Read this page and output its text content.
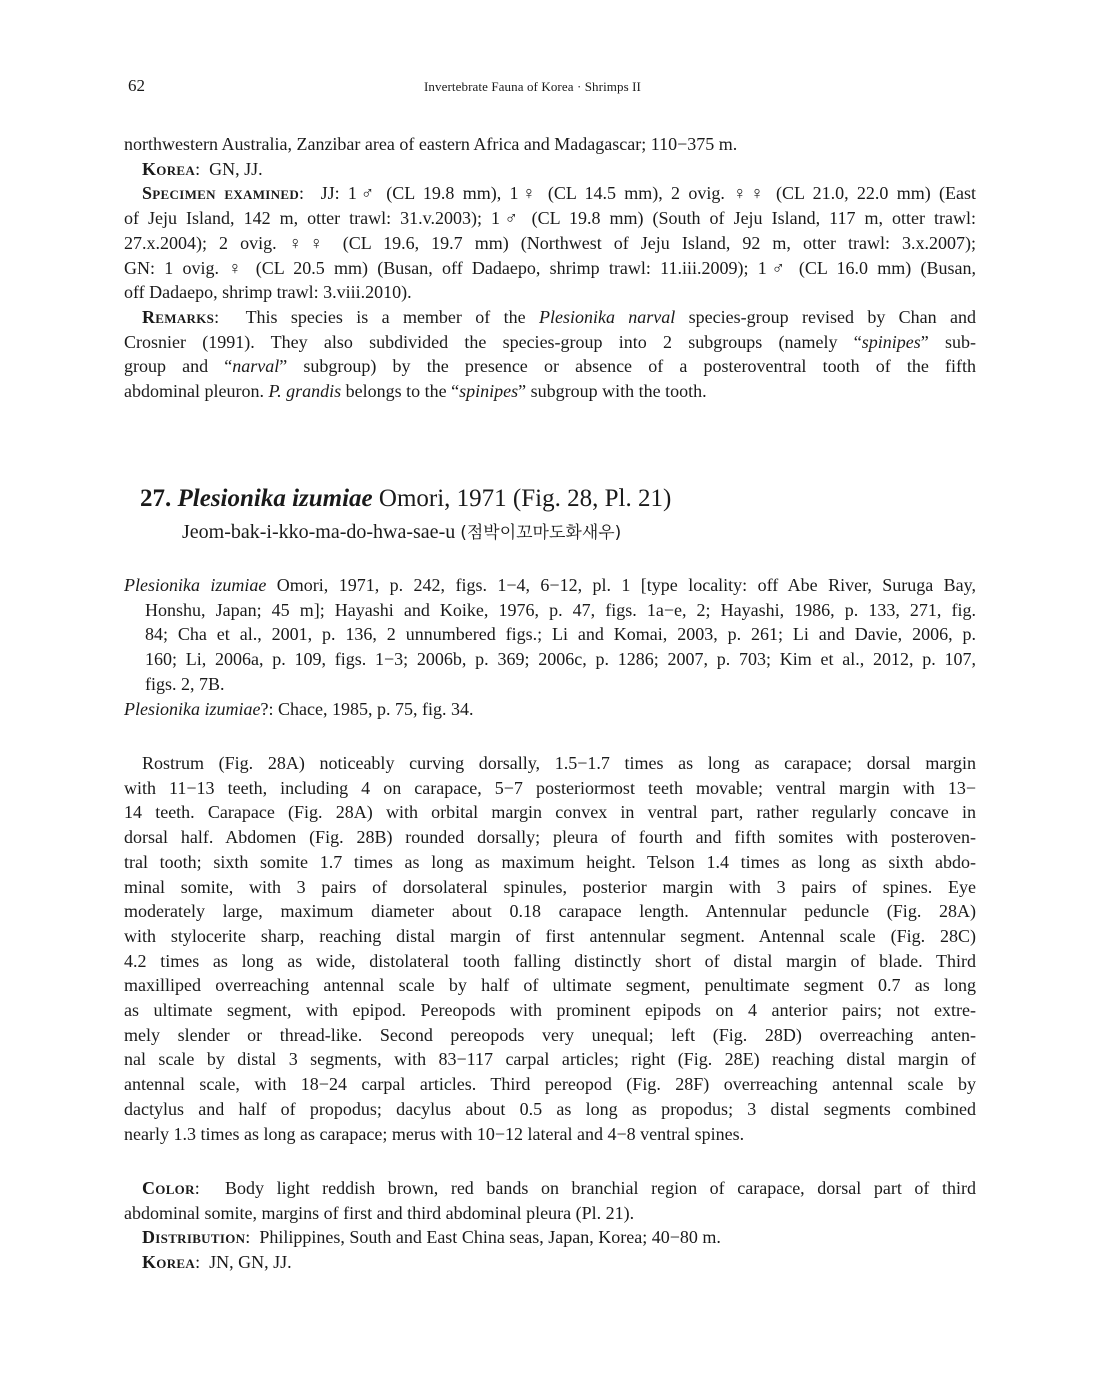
62	Invertebrate Fauna of Korea · Shrimps II
northwestern Australia, Zanzibar area of eastern Africa and Madagascar; 110−375 m.
Korea:  GN, JJ.
Specimen examined:  JJ: 1♂ (CL 19.8 mm), 1♀ (CL 14.5 mm), 2 ovig. ♀♀ (CL 21.0, 22.0 mm) (East
of Jeju Island, 142 m, otter trawl: 31.v.2003); 1♂ (CL 19.8 mm) (South of Jeju Island, 117 m, otter trawl:
27.x.2004); 2 ovig. ♀♀ (CL 19.6, 19.7 mm) (Northwest of Jeju Island, 92 m, otter trawl: 3.x.2007);
GN: 1 ovig. ♀ (CL 20.5 mm) (Busan, off Dadaepo, shrimp trawl: 11.iii.2009); 1♂ (CL 16.0 mm) (Busan,
off Dadaepo, shrimp trawl: 3.viii.2010).
Remarks:  This species is a member of the Plesionika narval species-group revised by Chan and
Crosnier (1991). They also subdivided the species-group into 2 subgroups (namely “spinipes” sub-
group and “narval” subgroup) by the presence or absence of a posteroventral tooth of the fifth
abdominal pleuron. P. grandis belongs to the “spinipes” subgroup with the tooth.
27. Plesionika izumiae Omori, 1971 (Fig. 28, Pl. 21)
Jeom-bak-i-kko-ma-do-hwa-sae-u (점박이꼬마도화새우)
Plesionika izumiae Omori, 1971, p. 242, figs. 1−4, 6−12, pl. 1 [type locality: off Abe River, Suruga Bay,
Honshu, Japan; 45 m]; Hayashi and Koike, 1976, p. 47, figs. 1a−e, 2; Hayashi, 1986, p. 133, 271, fig.
84; Cha et al., 2001, p. 136, 2 unnumbered figs.; Li and Komai, 2003, p. 261; Li and Davie, 2006, p.
160; Li, 2006a, p. 109, figs. 1−3; 2006b, p. 369; 2006c, p. 1286; 2007, p. 703; Kim et al., 2012, p. 107,
figs. 2, 7B.
Plesionika izumiae?: Chace, 1985, p. 75, fig. 34.
Rostrum (Fig. 28A) noticeably curving dorsally, 1.5−1.7 times as long as carapace; dorsal margin
with 11−13 teeth, including 4 on carapace, 5−7 posteriormost teeth movable; ventral margin with 13−
14 teeth. Carapace (Fig. 28A) with orbital margin convex in ventral part, rather regularly concave in
dorsal half. Abdomen (Fig. 28B) rounded dorsally; pleura of fourth and fifth somites with posteroven-
tral tooth; sixth somite 1.7 times as long as maximum height. Telson 1.4 times as long as sixth abdo-
minal somite, with 3 pairs of dorsolateral spinules, posterior margin with 3 pairs of spines. Eye
moderately large, maximum diameter about 0.18 carapace length. Antennular peduncle (Fig. 28A)
with stylocerite sharp, reaching distal margin of first antennular segment. Antennal scale (Fig. 28C)
4.2 times as long as wide, distolateral tooth falling distinctly short of distal margin of blade. Third
maxilliped overreaching antennal scale by half of ultimate segment, penultimate segment 0.7 as long
as ultimate segment, with epipod. Pereopods with prominent epipods on 4 anterior pairs; not extre-
mely slender or thread-like. Second pereopods very unequal; left (Fig. 28D) overreaching anten-
nal scale by distal 3 segments, with 83−117 carpal articles; right (Fig. 28E) reaching distal margin of
antennal scale, with 18−24 carpal articles. Third pereopod (Fig. 28F) overreaching antennal scale by
dactylus and half of propodus; dacylus about 0.5 as long as propodus; 3 distal segments combined
nearly 1.3 times as long as carapace; merus with 10−12 lateral and 4−8 ventral spines.
Color:  Body light reddish brown, red bands on branchial region of carapace, dorsal part of third
abdominal somite, margins of first and third abdominal pleura (Pl. 21).
Distribution:  Philippines, South and East China seas, Japan, Korea; 40−80 m.
Korea:  JN, GN, JJ.
